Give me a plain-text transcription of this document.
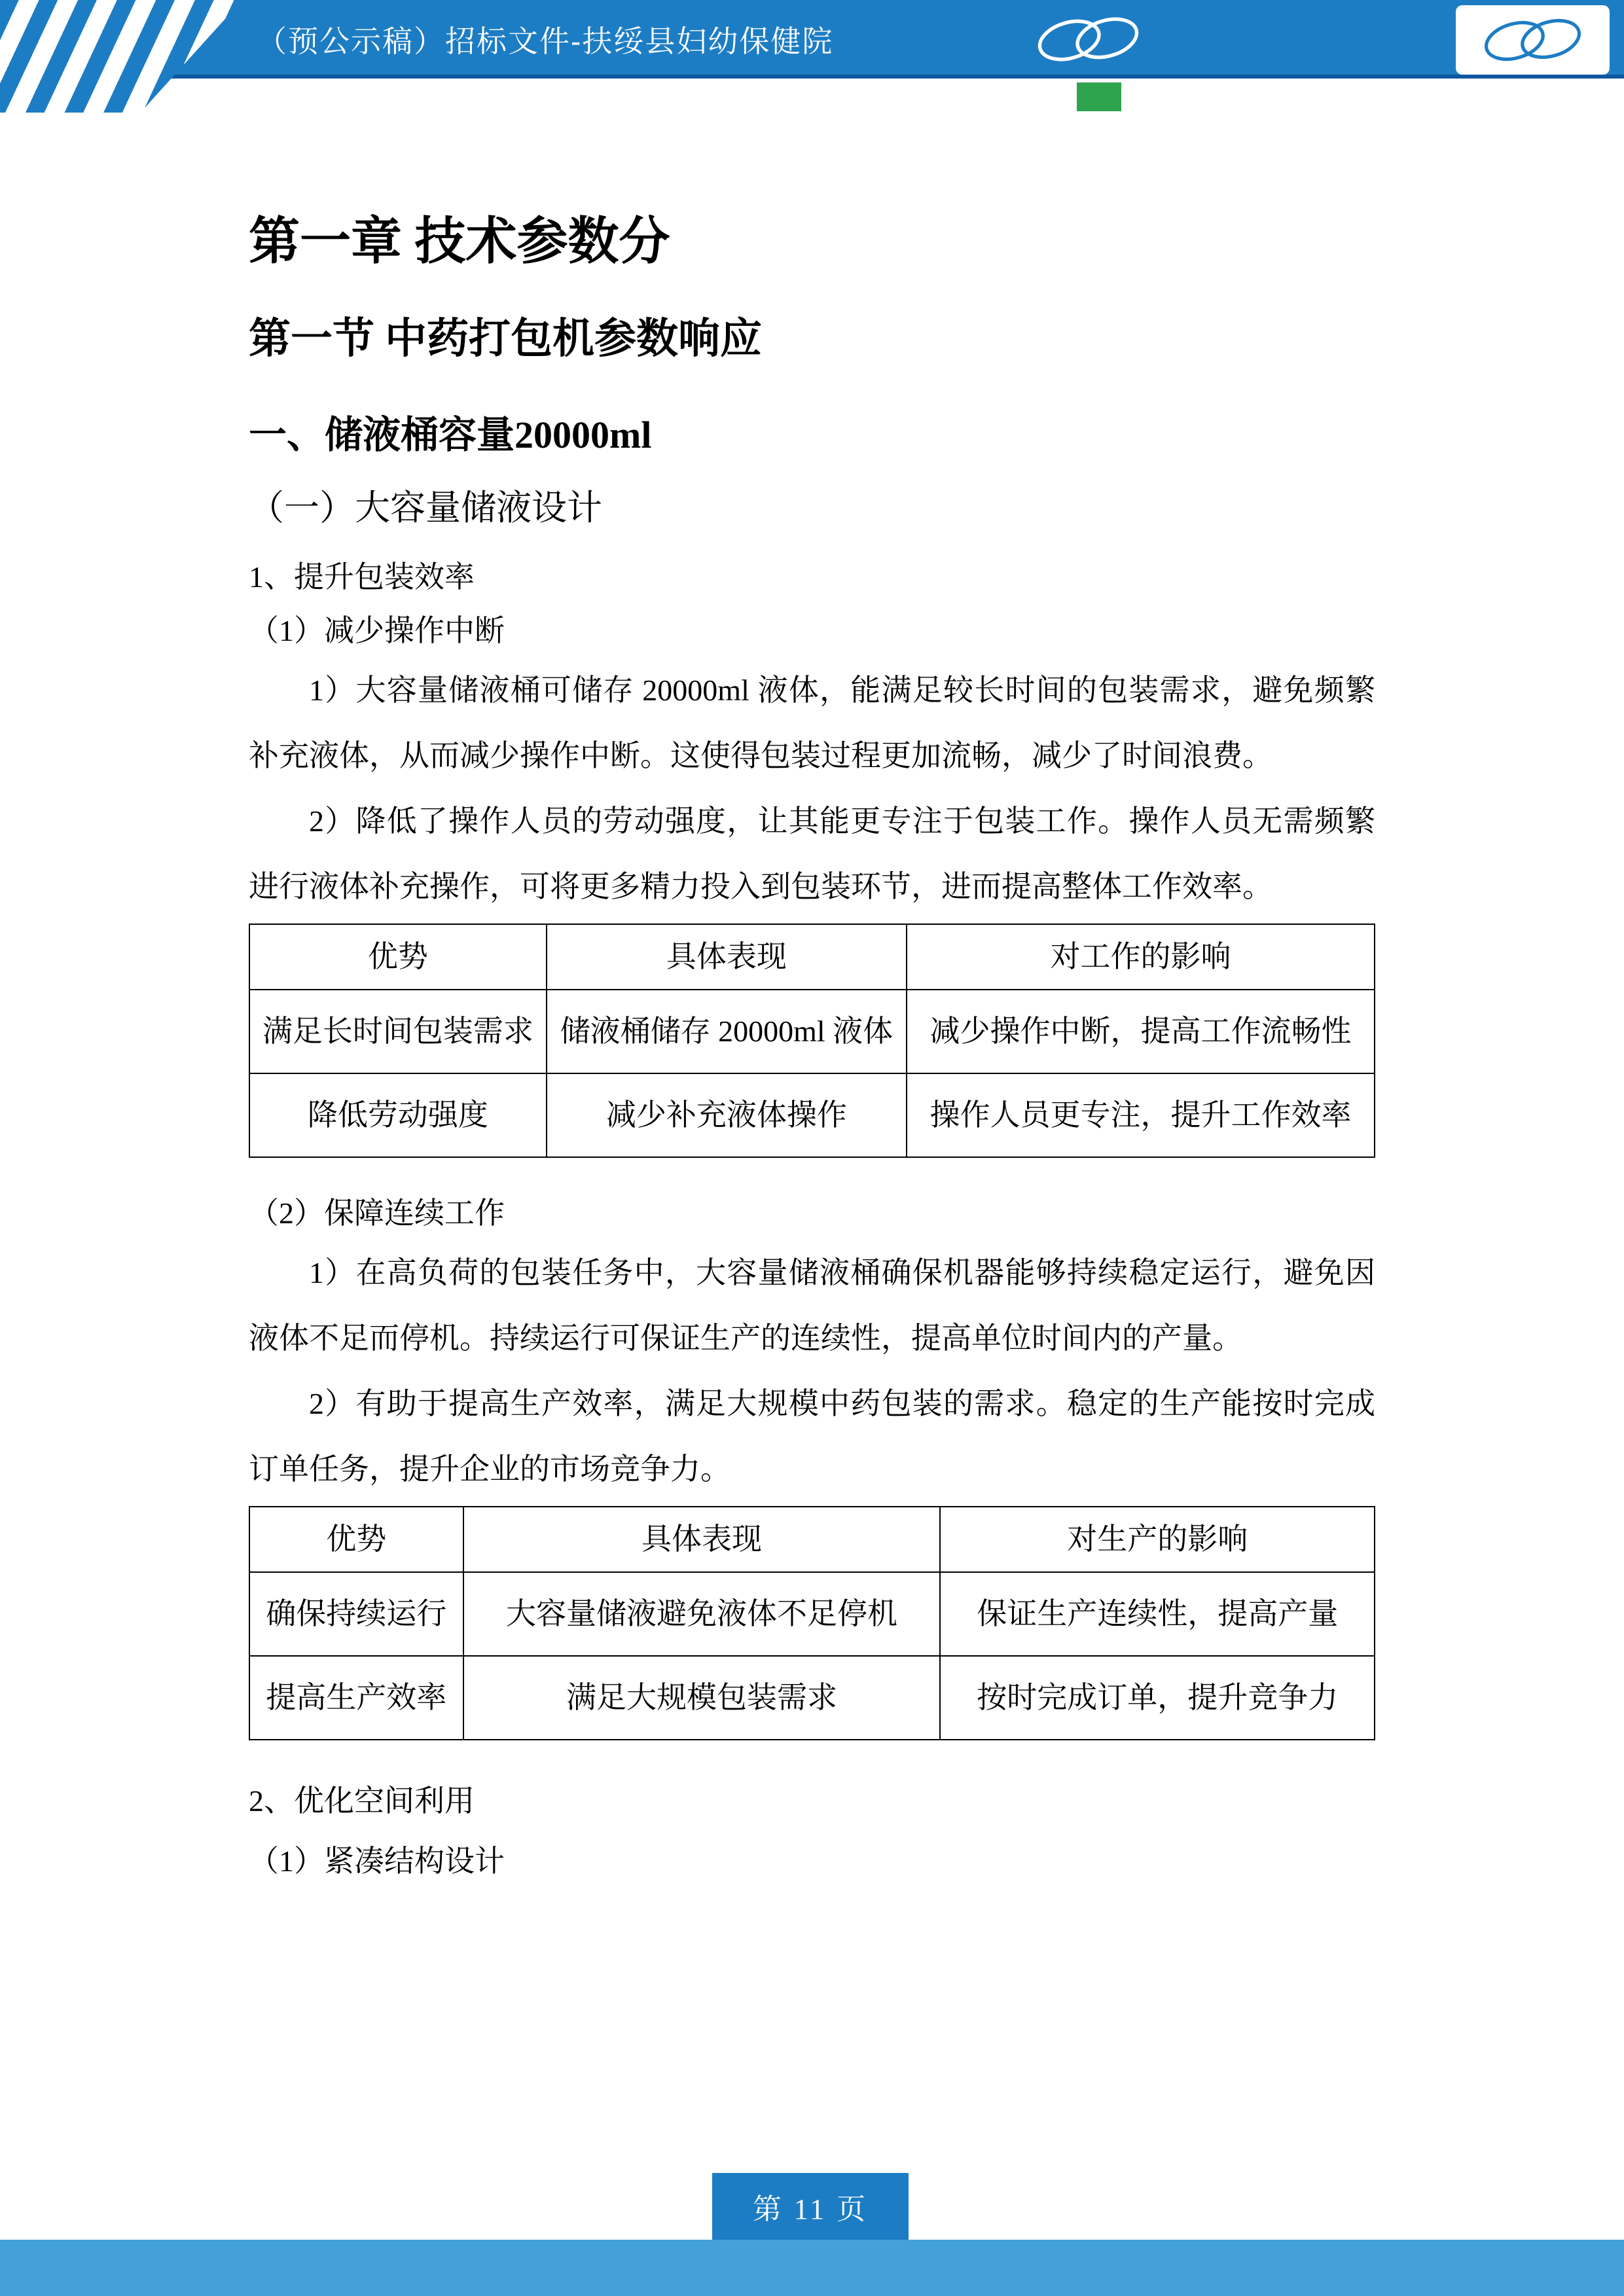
（预公示稿）招标文件-扶绥县妇幼保健院
第一章 技术参数分
第一节 中药打包机参数响应
一、储液桶容量20000ml
（一）大容量储液设计
1、提升包装效率
（1）减少操作中断

1）大容量储液桶可储存 20000ml 液体，能满足较长时间的包装需求，避免频繁补充液体，从而减少操作中断。这使得包装过程更加流畅，减少了时间浪费。

2）降低了操作人员的劳动强度，让其能更专注于包装工作。操作人员无需频繁进行液体补充操作，可将更多精力投入到包装环节，进而提高整体工作效率。

优势	具体表现	对工作的影响
满足长时间包装需求	储液桶储存 20000ml 液体	减少操作中断，提高工作流畅性
降低劳动强度	减少补充液体操作	操作人员更专注，提升工作效率
（2）保障连续工作

1）在高负荷的包装任务中，大容量储液桶确保机器能够持续稳定运行，避免因液体不足而停机。持续运行可保证生产的连续性，提高单位时间内的产量。

2）有助于提高生产效率，满足大规模中药包装的需求。稳定的生产能按时完成订单任务，提升企业的市场竞争力。

优势	具体表现	对生产的影响
确保持续运行	大容量储液避免液体不足停机	保证生产连续性，提高产量
提高生产效率	满足大规模包装需求	按时完成订单，提升竞争力
2、优化空间利用
（1）紧凑结构设计
第 11 页
